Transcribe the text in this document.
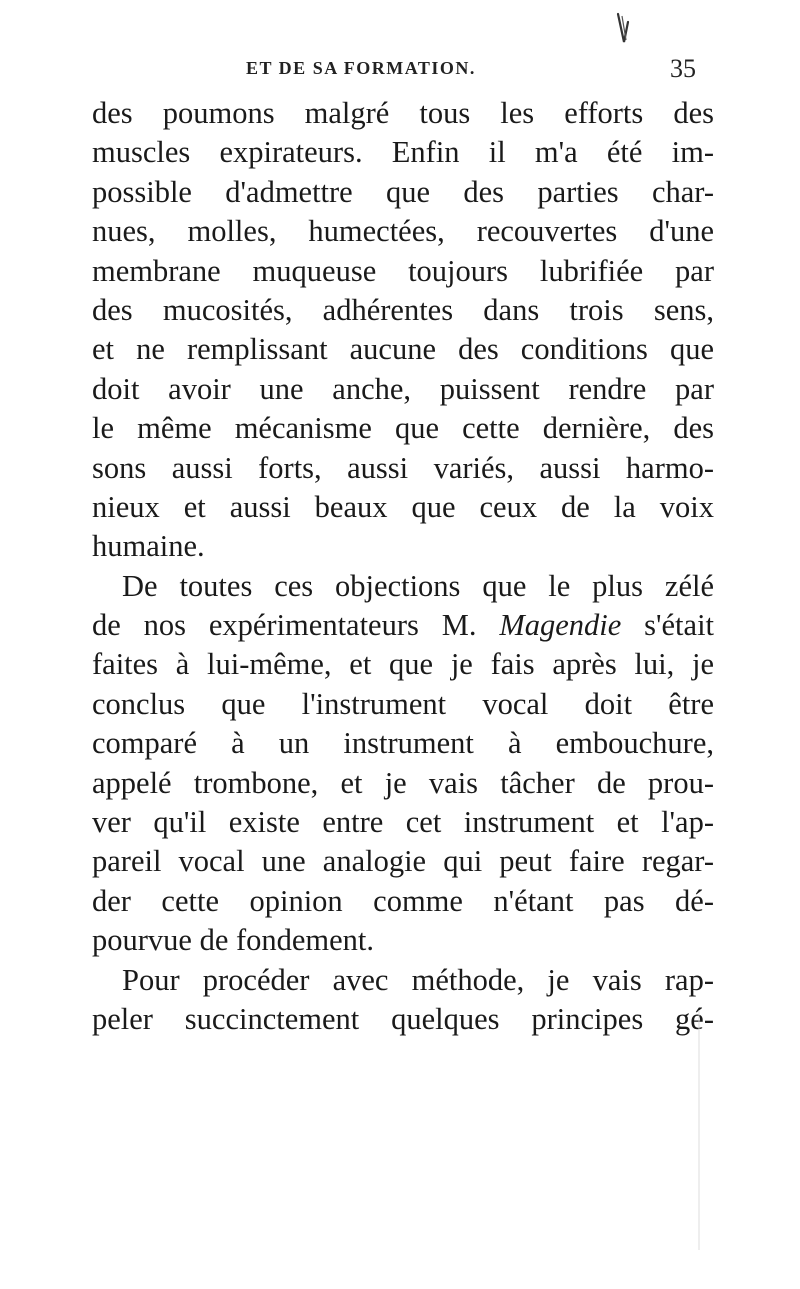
ET DE SA FORMATION.	35
des poumons malgré tous les efforts des
muscles expirateurs. Enfin il m'a été im-
possible d'admettre que des parties char-
nues, molles, humectées, recouvertes d'une
membrane muqueuse toujours lubrifiée par
des mucosités, adhérentes dans trois sens,
et ne remplissant aucune des conditions que
doit avoir une anche, puissent rendre par
le même mécanisme que cette dernière, des
sons aussi forts, aussi variés, aussi harmo-
nieux et aussi beaux que ceux de la voix
humaine.
De toutes ces objections que le plus zélé
de nos expérimentateurs M. Magendie s'était
faites à lui-même, et que je fais après lui, je
conclus que l'instrument vocal doit être
comparé à un instrument à embouchure,
appelé trombone, et je vais tâcher de prou-
ver qu'il existe entre cet instrument et l'ap-
pareil vocal une analogie qui peut faire regar-
der cette opinion comme n'étant pas dé-
pourvue de fondement.
Pour procéder avec méthode, je vais rap-
peler succinctement quelques principes gé-
